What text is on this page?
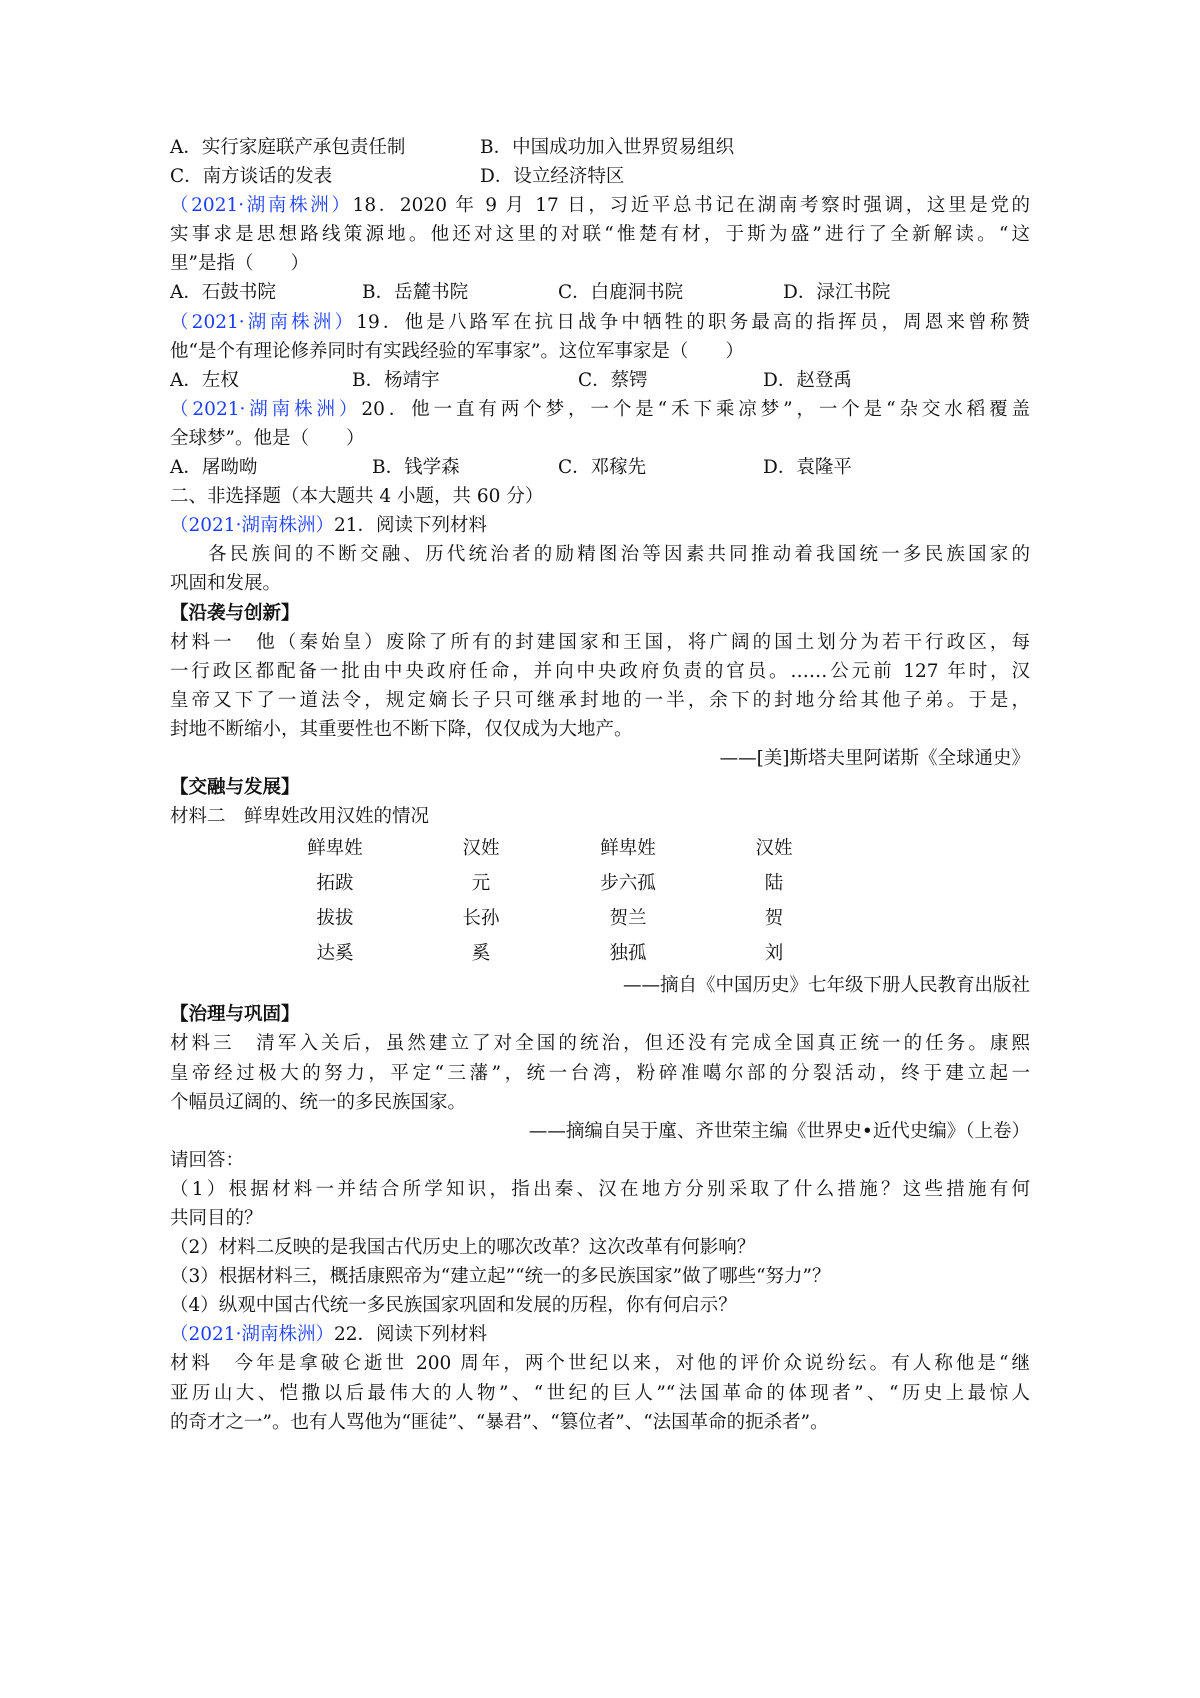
A．实行家庭联产承包责任制	B．中国成功加入世界贸易组织
C．南方谈话的发表	D．设立经济特区
（2021·湖南株洲）18．2020 年 9 月 17 日，习近平总书记在湖南考察时强调，这里是党的
实事求是思想路线策源地。他还对这里的对联“惟楚有材，于斯为盛”进行了全新解读。“这
里”是指（　　）
A．石鼓书院	B．岳麓书院	C．白鹿洞书院	D．渌江书院
（2021·湖南株洲）19．他是八路军在抗日战争中牺牲的职务最高的指挥员，周恩来曾称赞
他“是个有理论修养同时有实践经验的军事家”。这位军事家是（　　）
A．左权	B．杨靖宇	C．蔡锷	D．赵登禹
（2021·湖南株洲）20．他一直有两个梦，一个是“禾下乘凉梦”，一个是“杂交水稻覆盖
全球梦”。他是（　　）
A．屠呦呦	B．钱学森	C．邓稼先	D．袁隆平
二、非选择题（本大题共 4 小题，共 60 分）
（2021·湖南株洲）21．阅读下列材料
各民族间的不断交融、历代统治者的励精图治等因素共同推动着我国统一多民族国家的
巩固和发展。
【沿袭与创新】
材料一　他（秦始皇）废除了所有的封建国家和王国，将广阔的国土划分为若干行政区，每
一行政区都配备一批由中央政府任命，并向中央政府负责的官员。……公元前 127 年时，汉
皇帝又下了一道法令，规定嫡长子只可继承封地的一半，余下的封地分给其他子弟。于是，
封地不断缩小，其重要性也不断下降，仅仅成为大地产。
——[美]斯塔夫里阿诺斯《全球通史》
【交融与发展】
材料二　鲜卑姓改用汉姓的情况
鲜卑姓	汉姓	鲜卑姓	汉姓
拓跋	元	步六孤	陆
拔拔	长孙	贺兰	贺
达奚	奚	独孤	刘
——摘自《中国历史》七年级下册人民教育出版社
【治理与巩固】
材料三　清军入关后，虽然建立了对全国的统治，但还没有完成全国真正统一的任务。康熙
皇帝经过极大的努力，平定“三藩”，统一台湾，粉碎准噶尔部的分裂活动，终于建立起一
个幅员辽阔的、统一的多民族国家。
——摘编自吴于廑、齐世荣主编《世界史•近代史编》（上卷）
请回答：
（1）根据材料一并结合所学知识，指出秦、汉在地方分别采取了什么措施？这些措施有何
共同目的？
（2）材料二反映的是我国古代历史上的哪次改革？这次改革有何影响？
（3）根据材料三，概括康熙帝为“建立起”“统一的多民族国家”做了哪些“努力”？
（4）纵观中国古代统一多民族国家巩固和发展的历程，你有何启示？
（2021·湖南株洲）22．阅读下列材料
材料　今年是拿破仑逝世 200 周年，两个世纪以来，对他的评价众说纷纭。有人称他是“继
亚历山大、恺撒以后最伟大的人物”、“世纪的巨人”“法国革命的体现者”、“历史上最惊人
的奇才之一”。也有人骂他为“匪徒”、“暴君”、“篡位者”、“法国革命的扼杀者”。
